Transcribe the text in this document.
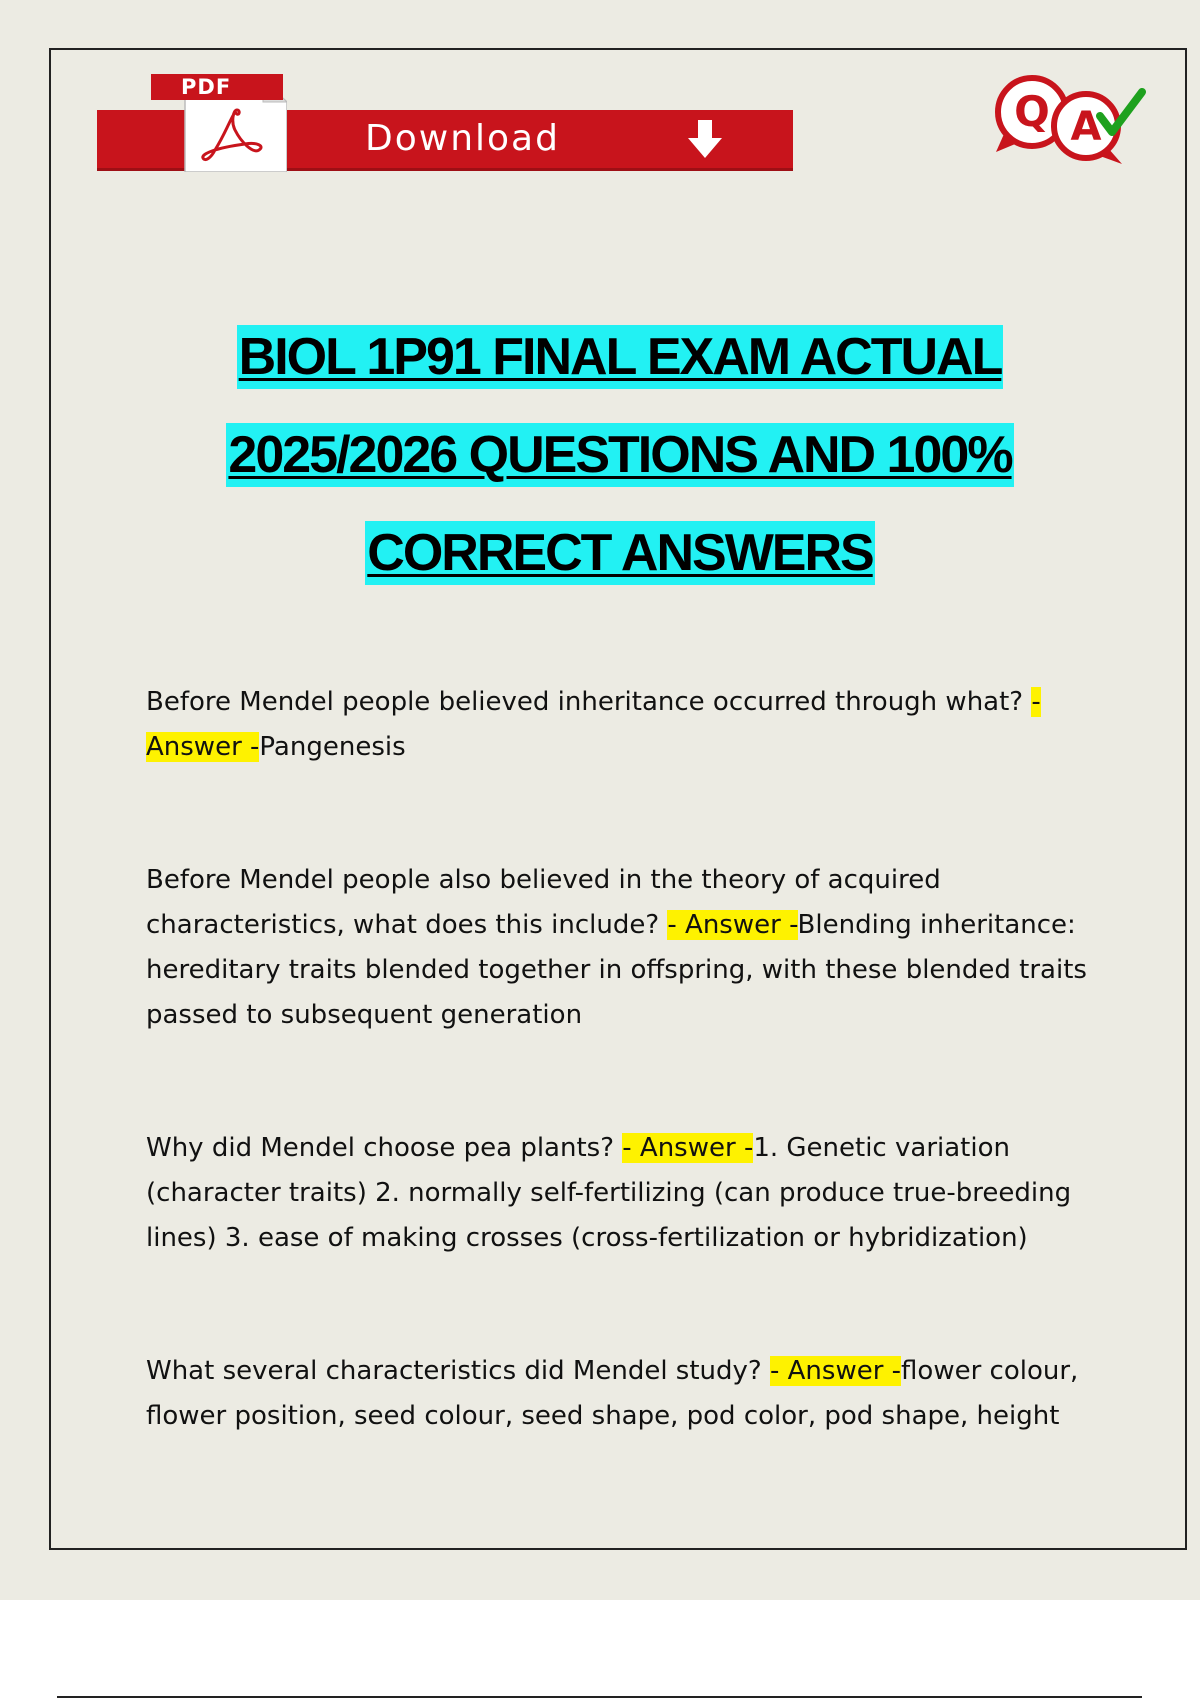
Download
PDF	Q A
BIOL 1P91 FINAL EXAM ACTUAL
2025/2026 QUESTIONS AND 100%
CORRECT ANSWERS

Before Mendel people believed inheritance occurred through what? - Answer -Pangenesis

Before Mendel people also believed in the theory of acquired characteristics, what does this include? - Answer -Blending inheritance: hereditary traits blended together in offspring, with these blended traits passed to subsequent generation

Why did Mendel choose pea plants? - Answer -1. Genetic variation (character traits) 2. normally self-fertilizing (can produce true-breeding lines) 3. ease of making crosses (cross-fertilization or hybridization)

What several characteristics did Mendel study? - Answer -flower colour, flower position, seed colour, seed shape, pod color, pod shape, height
